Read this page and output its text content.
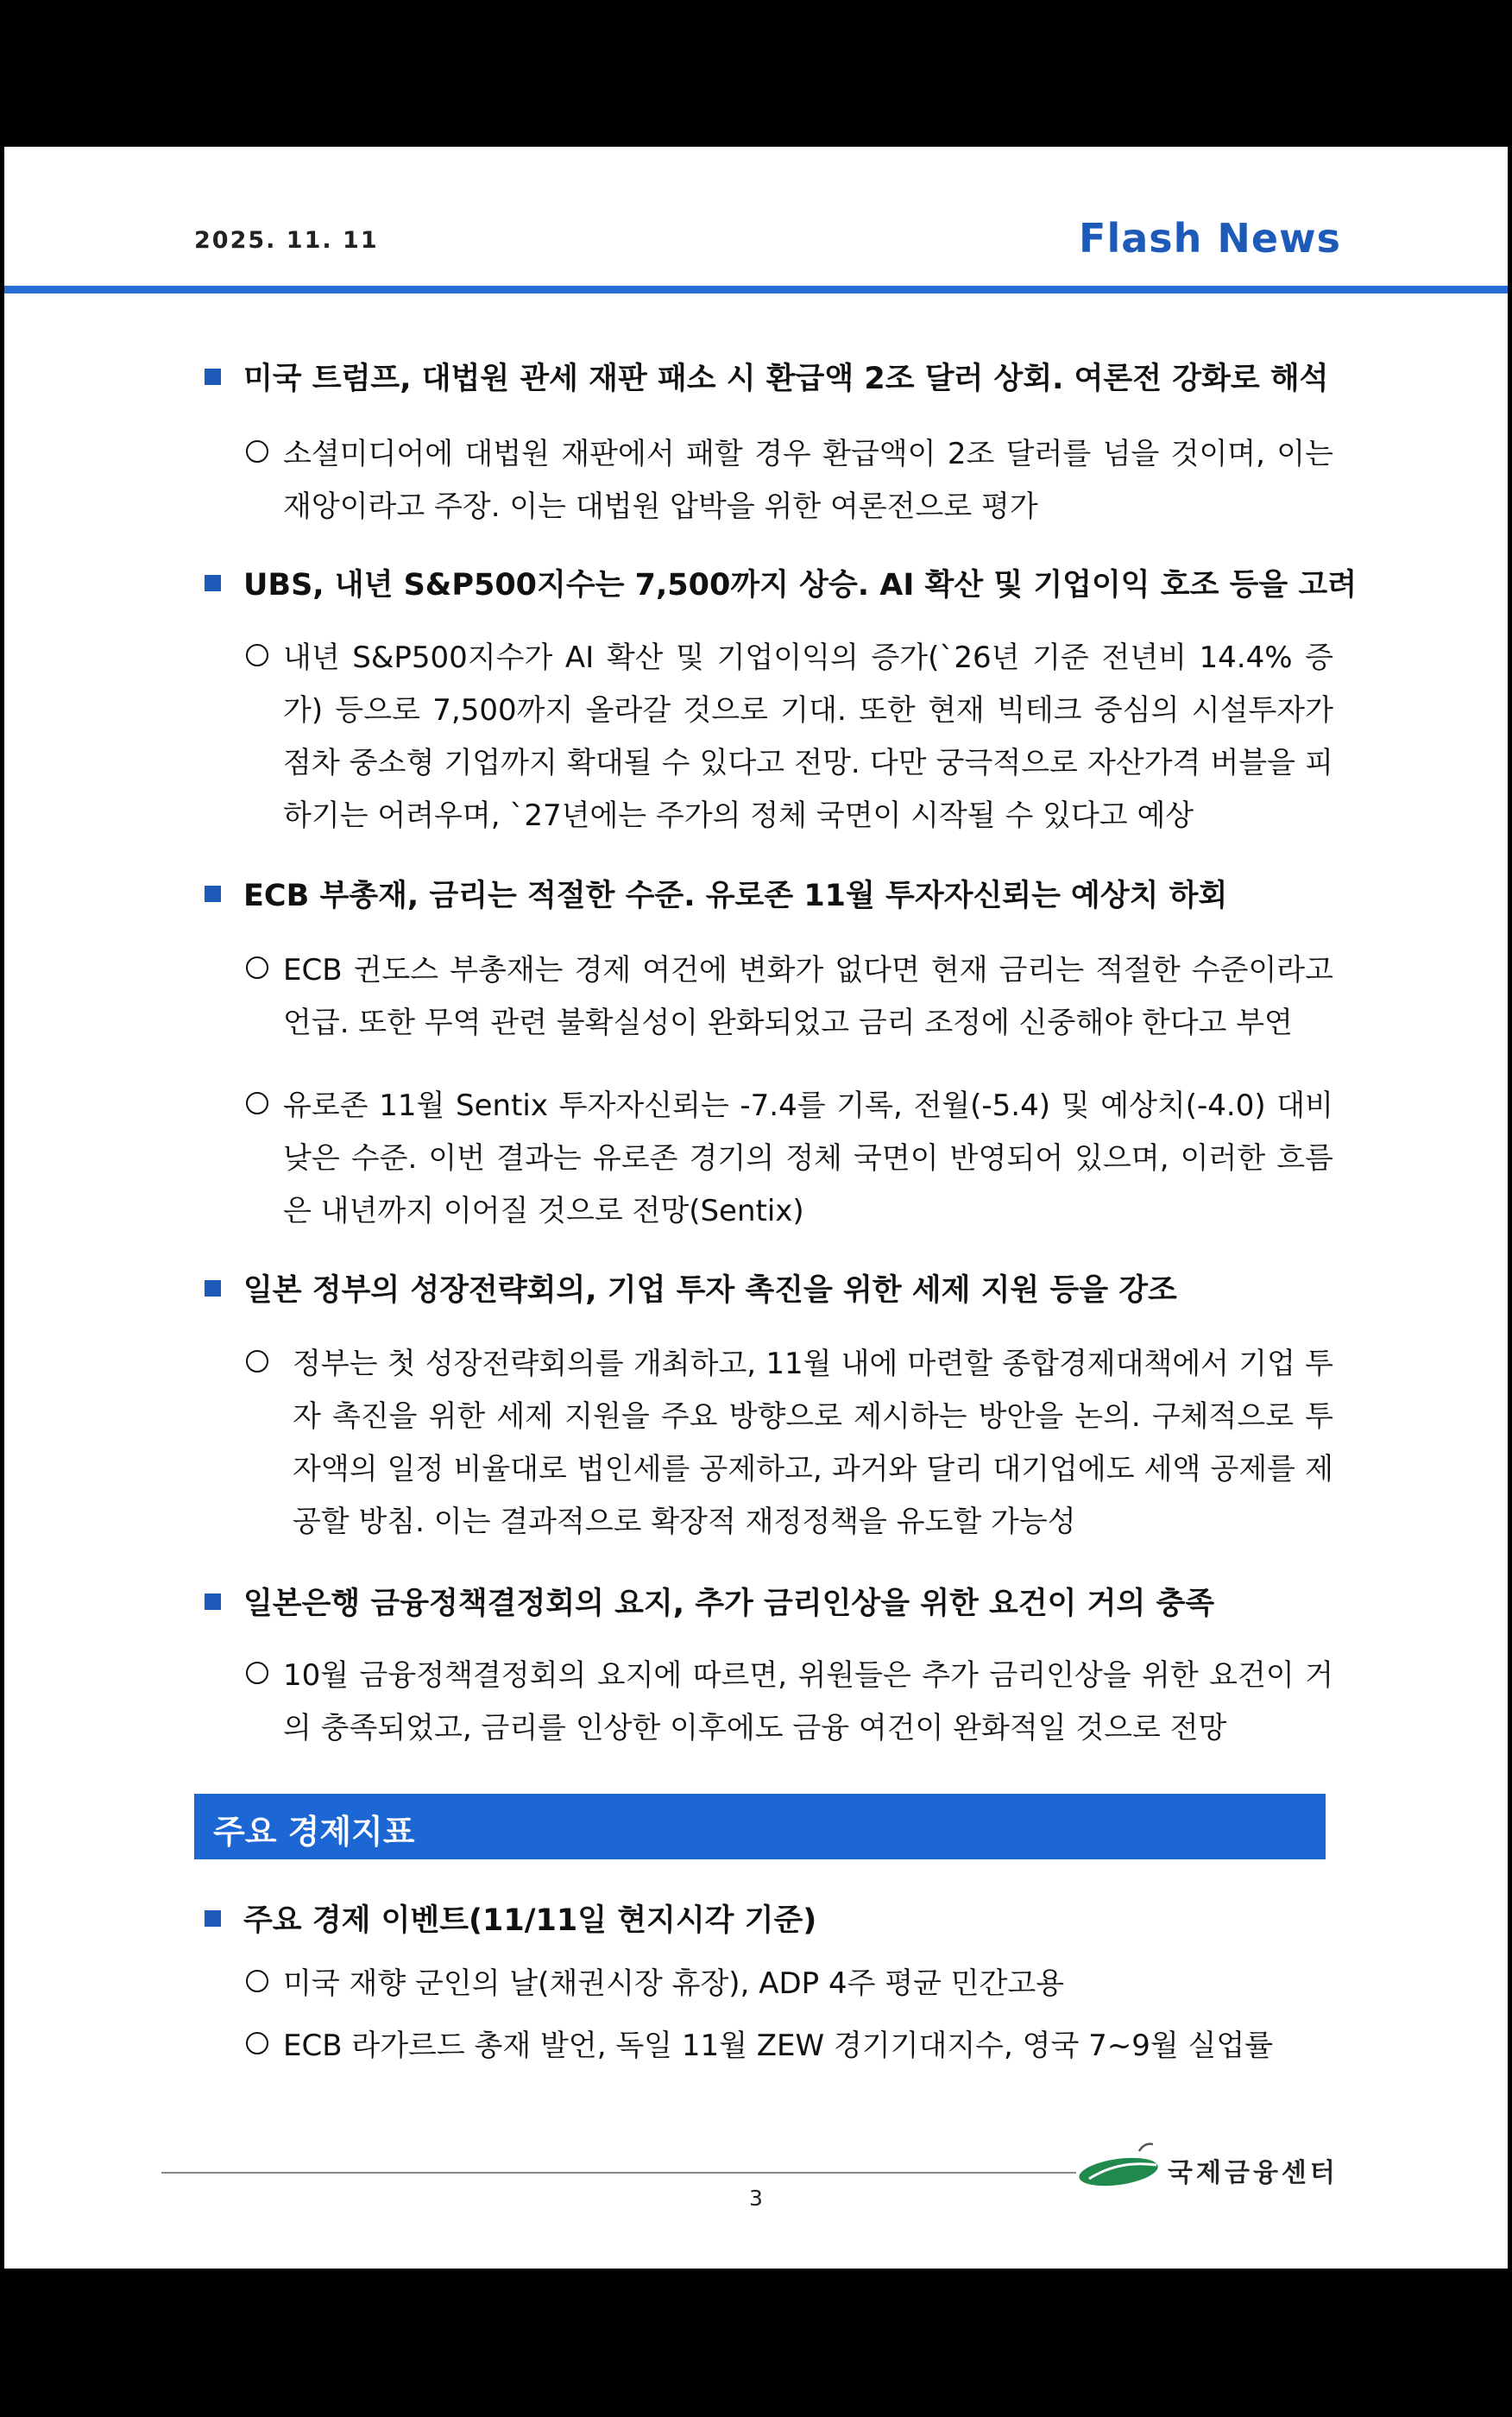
2025. 11. 11	Flash News
미국 트럼프, 대법원 관세 재판 패소 시 환급액 2조 달러 상회. 여론전 강화로 해석
소셜미디어에 대법원 재판에서 패할 경우 환급액이 2조 달러를 넘을 것이며, 이는 재앙이라고 주장. 이는 대법원 압박을 위한 여론전으로 평가
UBS, 내년 S&P500지수는 7,500까지 상승. AI 확산 및 기업이익 호조 등을 고려
내년 S&P500지수가 AI 확산 및 기업이익의 증가(`26년 기준 전년비 14.4% 증가) 등으로 7,500까지 올라갈 것으로 기대. 또한 현재 빅테크 중심의 시설투자가 점차 중소형 기업까지 확대될 수 있다고 전망. 다만 궁극적으로 자산가격 버블을 피하기는 어려우며, `27년에는 주가의 정체 국면이 시작될 수 있다고 예상
ECB 부총재, 금리는 적절한 수준. 유로존 11월 투자자신뢰는 예상치 하회
ECB 귄도스 부총재는 경제 여건에 변화가 없다면 현재 금리는 적절한 수준이라고 언급. 또한 무역 관련 불확실성이 완화되었고 금리 조정에 신중해야 한다고 부연
유로존 11월 Sentix 투자자신뢰는 -7.4를 기록, 전월(-5.4) 및 예상치(-4.0) 대비 낮은 수준. 이번 결과는 유로존 경기의 정체 국면이 반영되어 있으며, 이러한 흐름은 내년까지 이어질 것으로 전망(Sentix)
일본 정부의 성장전략회의, 기업 투자 촉진을 위한 세제 지원 등을 강조
정부는 첫 성장전략회의를 개최하고, 11월 내에 마련할 종합경제대책에서 기업 투자 촉진을 위한 세제 지원을 주요 방향으로 제시하는 방안을 논의. 구체적으로 투자액의 일정 비율대로 법인세를 공제하고, 과거와 달리 대기업에도 세액 공제를 제공할 방침. 이는 결과적으로 확장적 재정정책을 유도할 가능성
일본은행 금융정책결정회의 요지, 추가 금리인상을 위한 요건이 거의 충족
10월 금융정책결정회의 요지에 따르면, 위원들은 추가 금리인상을 위한 요건이 거의 충족되었고, 금리를 인상한 이후에도 금융 여건이 완화적일 것으로 전망
주요 경제지표
주요 경제 이벤트(11/11일 현지시각 기준)
미국 재향 군인의 날(채권시장 휴장), ADP 4주 평균 민간고용
ECB 라가르드 총재 발언, 독일 11월 ZEW 경기기대지수, 영국 7~9월 실업률
국제금융센터
3
